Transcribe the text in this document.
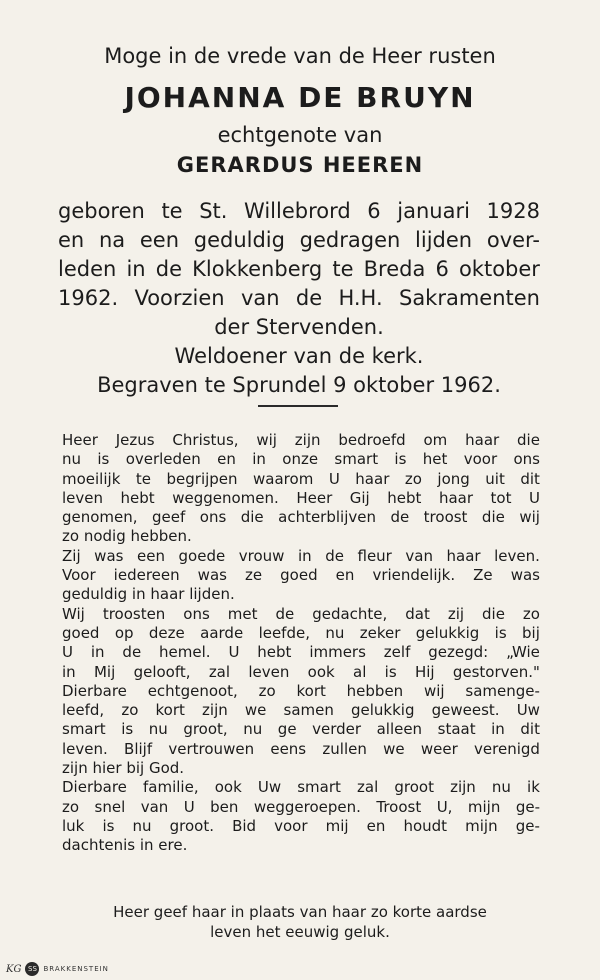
Moge in de vrede van de Heer rusten
JOHANNA DE BRUYN
echtgenote van
GERARDUS HEEREN
geboren te St. Willebrord 6 januari 1928
en na een geduldig gedragen lijden over-
leden in de Klokkenberg te Breda 6 oktober
1962. Voorzien van de H.H. Sakramenten
der Stervenden.
Weldoener van de kerk.
Begraven te Sprundel 9 oktober 1962.
Heer Jezus Christus, wij zijn bedroefd om haar die
nu is overleden en in onze smart is het voor ons
moeilijk te begrijpen waarom U haar zo jong uit dit
leven hebt weggenomen. Heer Gij hebt haar tot U
genomen, geef ons die achterblijven de troost die wij
zo nodig hebben.
Zij was een goede vrouw in de fleur van haar leven.
Voor iedereen was ze goed en vriendelijk. Ze was
geduldig in haar lijden.
Wij troosten ons met de gedachte, dat zij die zo
goed op deze aarde leefde, nu zeker gelukkig is bij
U in de hemel. U hebt immers zelf gezegd: „Wie
in Mij gelooft, zal leven ook al is Hij gestorven."
Dierbare echtgenoot, zo kort hebben wij samenge-
leefd, zo kort zijn we samen gelukkig geweest. Uw
smart is nu groot, nu ge verder alleen staat in dit
leven. Blijf vertrouwen eens zullen we weer verenigd
zijn hier bij God.
Dierbare familie, ook Uw smart zal groot zijn nu ik
zo snel van U ben weggeroepen. Troost U, mijn ge-
luk is nu groot. Bid voor mij en houdt mijn ge-
dachtenis in ere.
Heer geef haar in plaats van haar zo korte aardse
leven het eeuwig geluk.
KG SS BRAKKENSTEIN
